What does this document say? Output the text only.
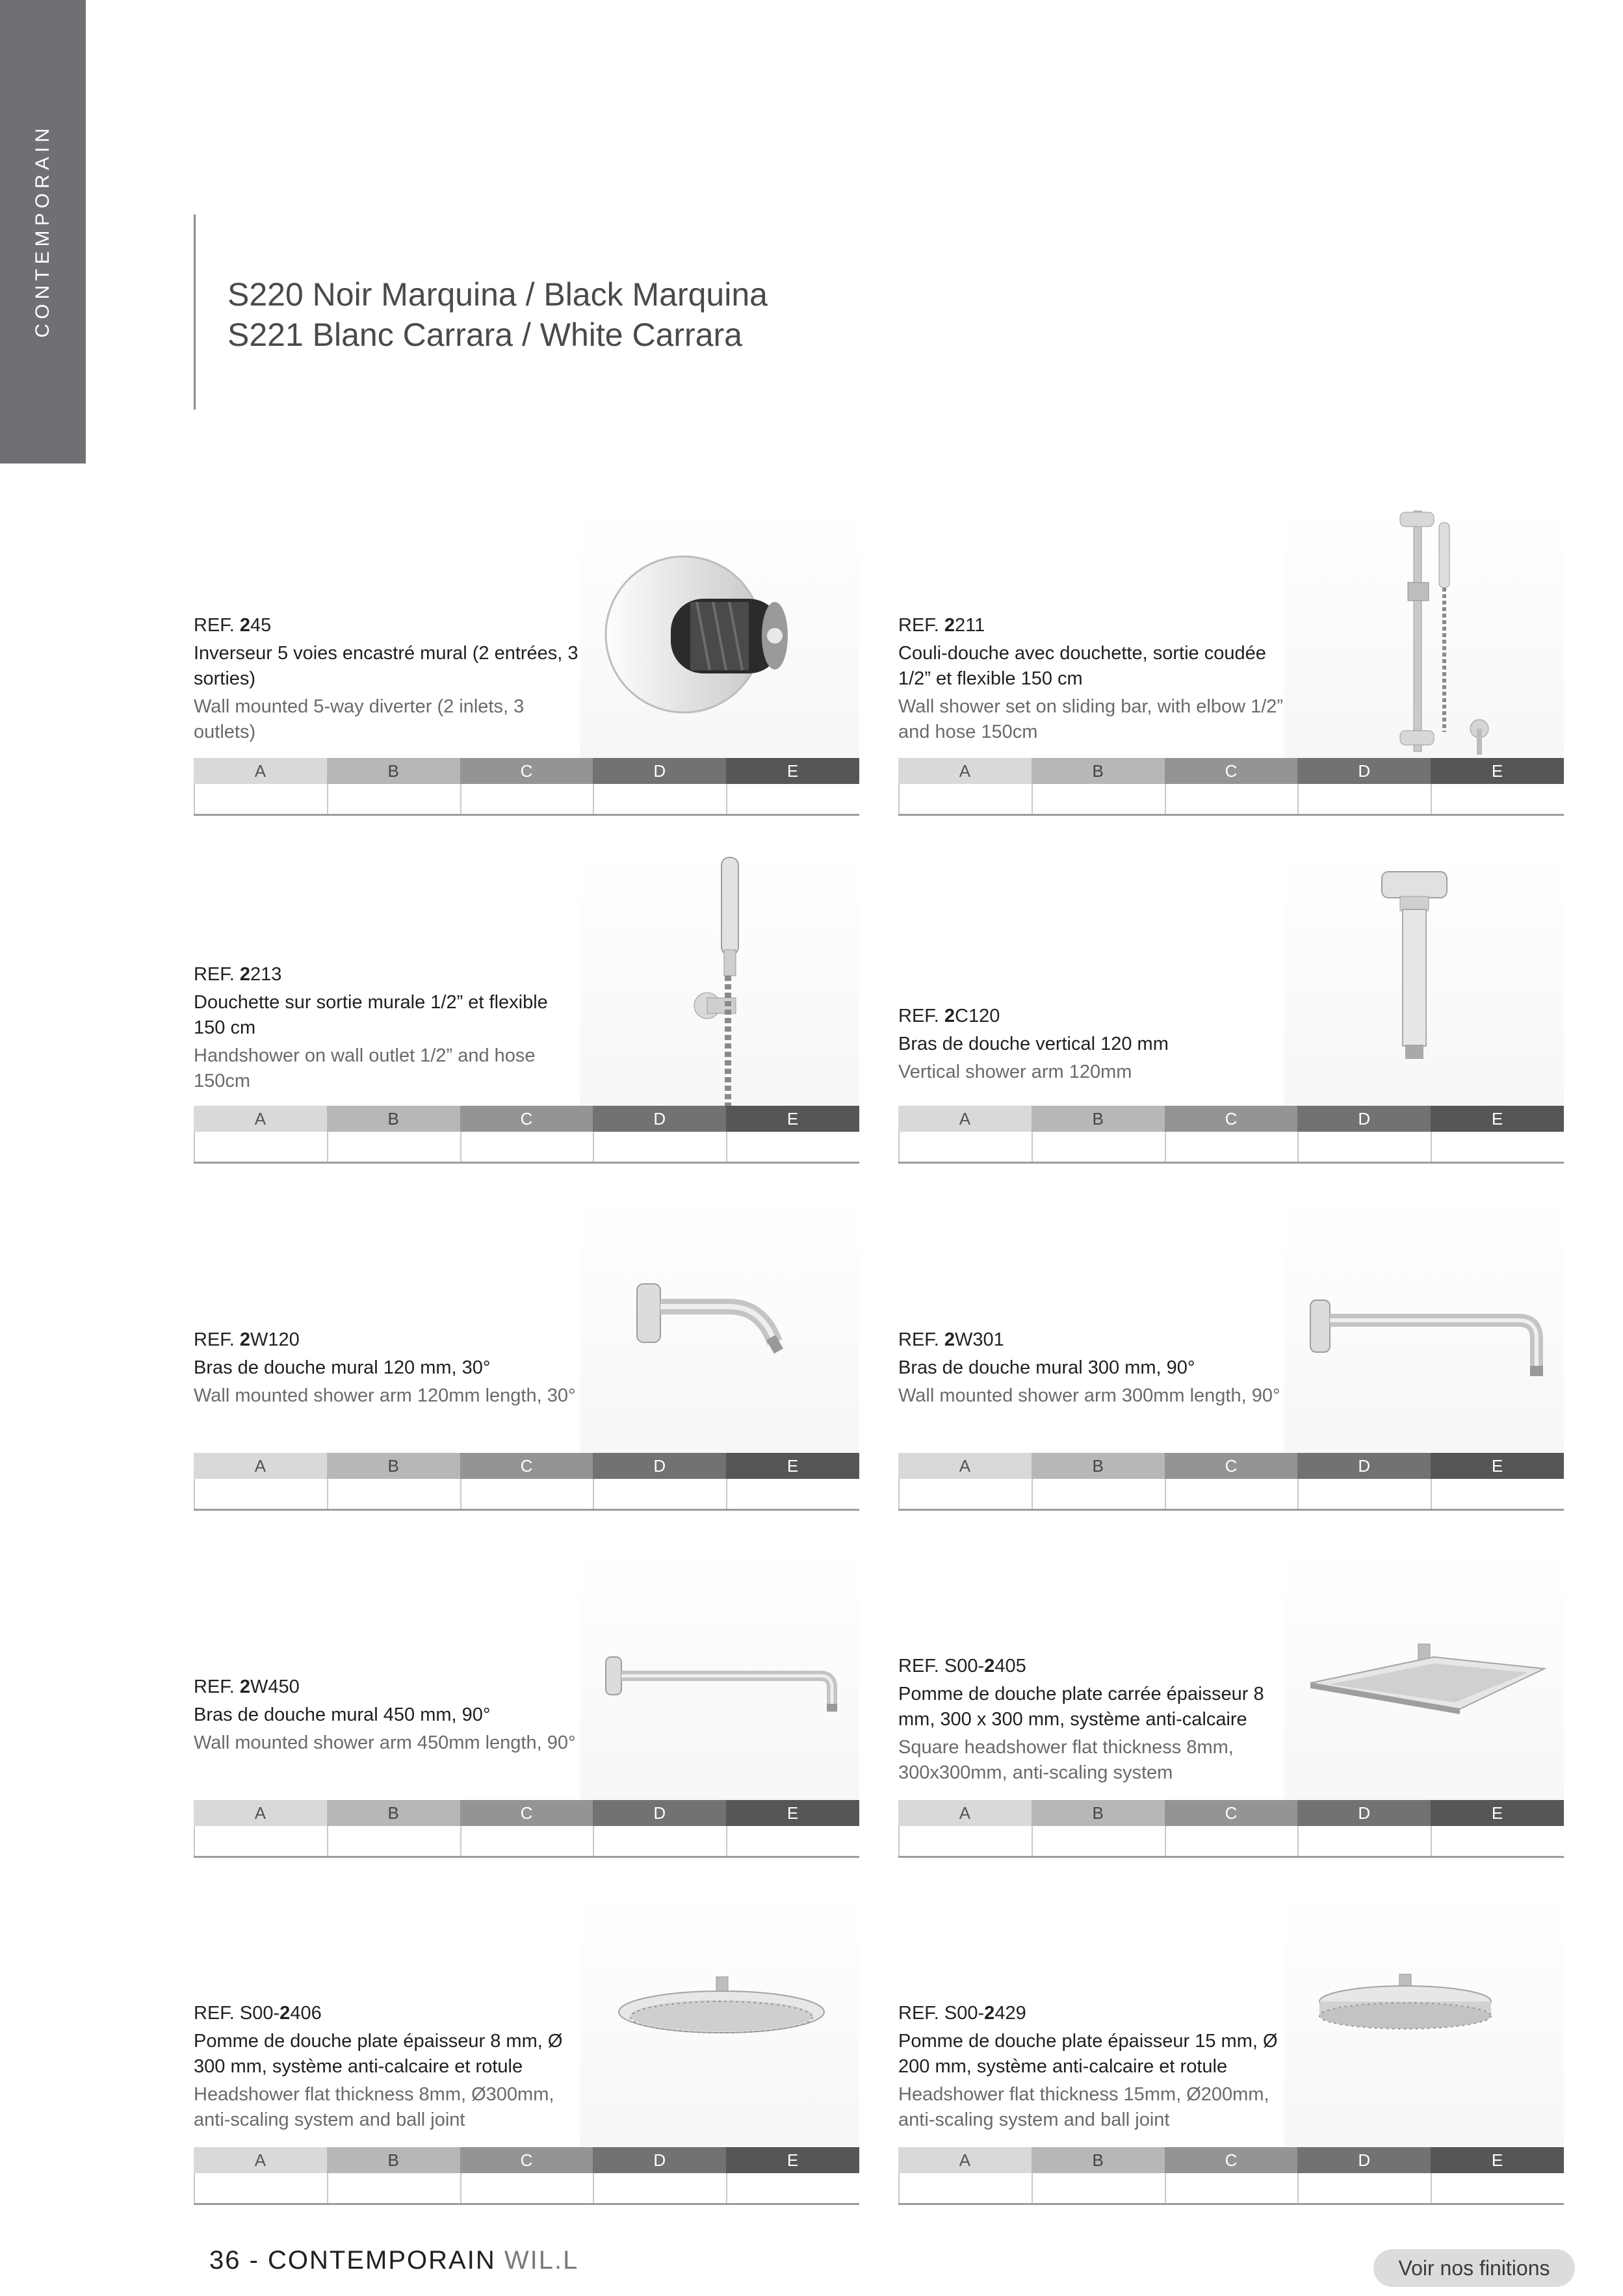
CONTEMPORAIN	S220 Noir Marquina / Black Marquina
S221 Blanc Carrara / White Carrara
REF. 245
Inverseur 5 voies encastré mural (2 entrées, 3 sorties)
Wall mounted 5-way diverter (2 inlets, 3 outlets)
A	B	C	D	E
REF. 2211
Couli-douche avec douchette, sortie coudée 1/2” et flexible 150 cm
Wall shower set on sliding bar, with elbow 1/2” and hose 150cm
A	B	C	D	E
REF. 2213
Douchette sur sortie murale 1/2” et flexible 150 cm
Handshower on wall outlet 1/2” and hose 150cm
A	B	C	D	E
REF. 2C120
Bras de douche vertical 120 mm
Vertical shower arm 120mm
A	B	C	D	E
REF. 2W120
Bras de douche mural 120 mm, 30°
Wall mounted shower arm 120mm length, 30°
A	B	C	D	E
REF. 2W301
Bras de douche mural 300 mm, 90°
Wall mounted shower arm 300mm length, 90°
A	B	C	D	E
REF. 2W450
Bras de douche mural 450 mm, 90°
Wall mounted shower arm 450mm length, 90°
A	B	C	D	E
REF. S00-2405
Pomme de douche plate carrée épaisseur 8 mm, 300 x 300 mm, système anti-calcaire
Square headshower flat thickness 8mm, 300x300mm, anti-scaling system
A	B	C	D	E
REF. S00-2406
Pomme de douche plate épaisseur 8 mm, Ø 300 mm, système anti-calcaire et rotule
Headshower flat thickness 8mm, Ø300mm, anti-scaling system and ball joint
A	B	C	D	E
REF. S00-2429
Pomme de douche plate épaisseur 15 mm, Ø 200 mm, système anti-calcaire et rotule
Headshower flat thickness 15mm, Ø200mm, anti-scaling system and ball joint
A	B	C	D	E
36 - CONTEMPORAIN WIL.L	Voir nos finitions
